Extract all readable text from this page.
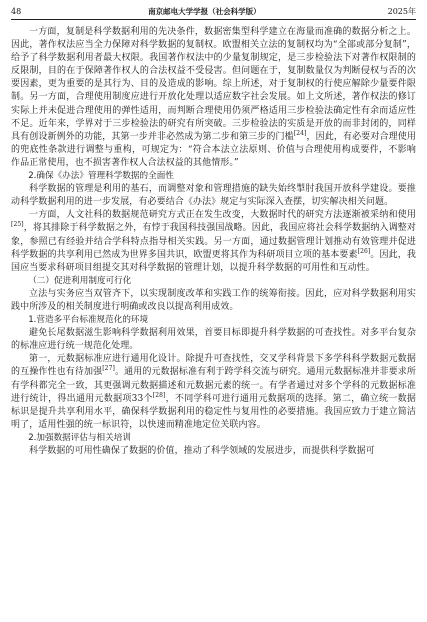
48	南京邮电大学学报（社会科学版）	2025年

一方面，复制是科学数据利用的先决条件，数据密集型科学建立在海量而准确的数据分析之上。因此，著作权法应当全力保障对科学数据的复制权。欧盟相关立法的复制权均为“全部或部分复制”，给予了科学数据利用者最大权限。我国著作权法中的少量复制规定，是三步检验法下对著作权限制的反限制，目的在于保障著作权人的合法权益不受侵害。但问题在于，复制数量仅为判断侵权与否的次要因素，更为重要的是其行为、目的及造成的影响。综上所述，对于复制权的行使应解除少量要件限制。另一方面，合理使用制度应进行开放化处理以适应数字社会发展。如上文所述，著作权法的修订实际上并未促进合理使用的弹性适用，而判断合理使用仍须严格适用三步检验法确定性有余而适应性不足。近年来，学界对于三步检验法的研究有所突破。三步检验法的实质是开放的而非封闭的，同样具有创设新例外的功能，其第一步并非必然成为第二步和第三步的门槛[24]，因此，有必要对合理使用的兜底性条款进行调整与重构，可规定为：“符合本法立法原则、价值与合理使用构成要件，不影响作品正常使用，也不损害著作权人合法权益的其他情形。”

2.确保《办法》管理科学数据的全面性

科学数据的管理是利用的基石，而调整对象和管理措施的缺失始终掣肘我国开放科学建设。要推动科学数据利用的进一步发展，有必要结合《办法》规定与实际深入查摆，切实解决相关问题。

一方面，人文社科的数据规范研究方式正在发生改变，大数据时代的研究方法逐渐被采纳和使用[25]，将其排除于科学数据之外，有悖于我国科技强国战略。因此，我国应将社会科学数据纳入调整对象，参照已有经验并结合学科特点指导相关实践。另一方面，通过数据管理计划推动有效管理并促进科学数据的共享利用已然成为世界多国共识，欧盟更将其作为科研项目立项的基本要素[26]。因此，我国应当要求科研项目组提交其对科学数据的管理计划，以提升科学数据的可用性和互动性。

（二）促进利用制度可行化

立法与实务应当双管齐下，以实现制度改革和实践工作的统筹衔接。因此，应对科学数据利用实践中所涉及的相关制度进行明确或改良以提高利用成效。

1.营造多平台标准规范化的环境

避免长尾数据滋生影响科学数据利用效果，首要目标即提升科学数据的可查找性。对多平台复杂的标准应进行统一规范化处理。

第一，元数据标准应进行通用化设计。除提升可查找性，交叉学科背景下多学科科学数据元数据的互操作性也有待加强[27]。通用的元数据标准有利于跨学科交流与研究。通用元数据标准并非要求所有学科都完全一致，其更强调元数据描述和元数据元素的统一。有学者通过对多个学科的元数据标准进行统计，得出通用元数据项33个[28]，不同学科可进行通用元数据项的选择。第二，确立统一数据标识是提升共享利用水平，确保科学数据利用的稳定性与复用性的必要措施。我国应致力于建立简洁明了，适用性强的统一标识符，以快速而精准地定位关联内容。

2.加强数据评估与相关培训

科学数据的可用性确保了数据的价值，推动了科学领域的发展进步，而提供科学数据可
